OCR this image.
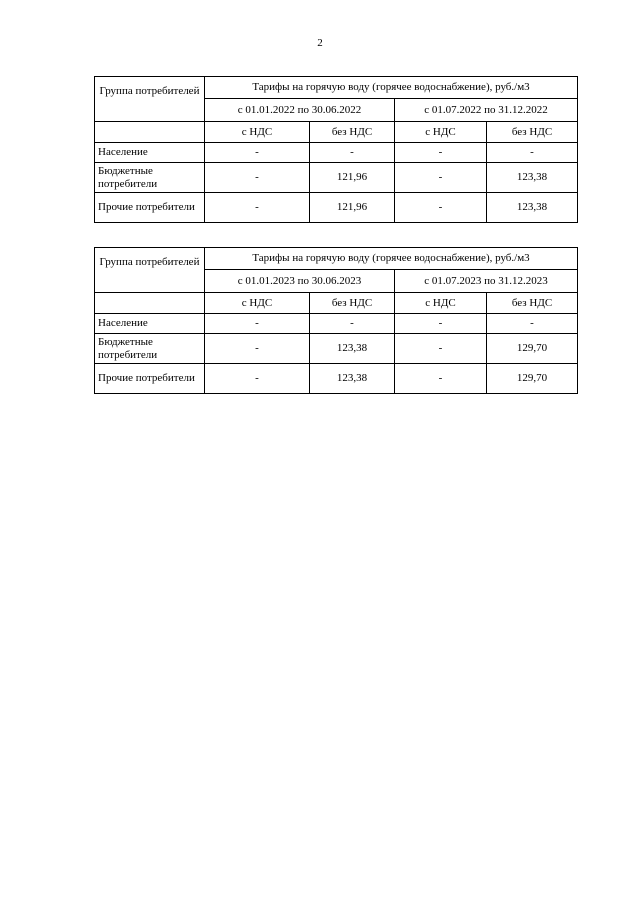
2
Группа потребителей	Тарифы на горячую воду (горячее водоснабжение), руб./м3			
	с 01.01.2022 по 30.06.2022		с 01.07.2022 по 31.12.2022	
	с НДС	без НДС	с НДС	без НДС
Население	-	-	-	-
Бюджетные потребители	-	121,96	-	123,38
Прочие потребители	-	121,96	-	123,38
Группа потребителей	Тарифы на горячую воду (горячее водоснабжение), руб./м3			
	с 01.01.2023 по 30.06.2023		с 01.07.2023 по 31.12.2023	
	с НДС	без НДС	с НДС	без НДС
Население	-	-	-	-
Бюджетные потребители	-	123,38	-	129,70
Прочие потребители	-	123,38	-	129,70
